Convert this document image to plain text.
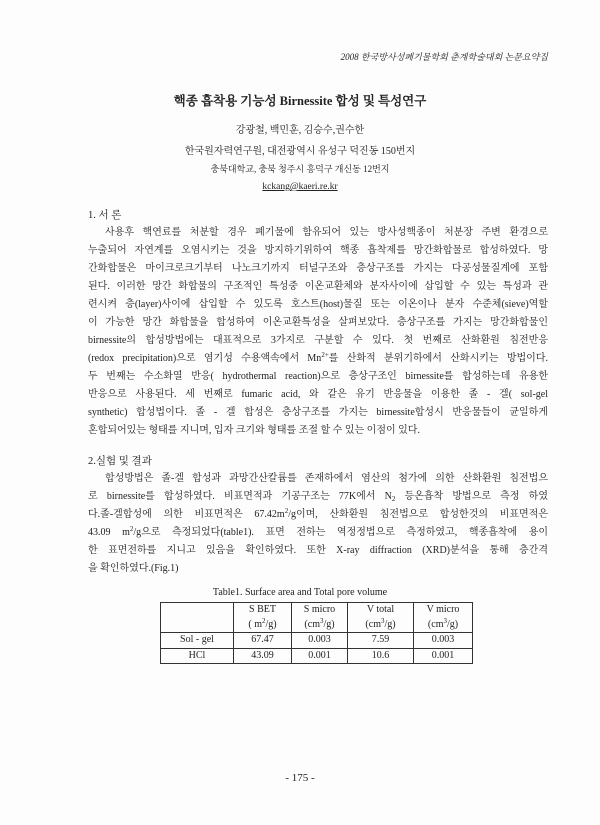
2008 한국방사성폐기물학회 춘계학술대회 논문요약집
핵종 흡착용 기능성 Birnessite 합성 및 특성연구
강광철, 백민훈, 김승수,권수한
한국원자력연구원, 대전광역시 유성구 덕진동 150번지
충북대학교, 충북 청주시 흥덕구 개신동 12번지
kckang@kaeri.re.kr
1. 서 론
사용후 핵연료를 처분할 경우 폐기물에 함유되어 있는 방사성핵종이 처분장 주변 환경으로
누출되어 자연계를 오염시키는 것을 방지하기위하여 핵종 흡착제를 망간화합물로 합성하였다. 망
간화합물은 마이크로크기부터 나노크기까지 터널구조와 층상구조를 가지는 다공성물질계에 포함
된다. 이러한 망간 화합물의 구조적인 특성중 이온교환체와 분자사이에 삽입할 수 있는 특성과 관
련시켜 층(layer)사이에 삽입할 수 있도록 호스트(host)물질 또는 이온이나 분자 수준체(sieve)역할
이 가능한 망간 화합물을 합성하여 이온교환특성을 살펴보았다. 층상구조를 가지는 망간화합물인
birnessite의 합성방법에는 대표적으로 3가지로 구분할 수 있다. 첫 번째로 산화환원 침전반응
(redox precipitation)으로 염기성 수용액속에서 $Mn^{2+}$를 산화적 분위기하에서 산화시키는 방법이다.
두 번째는 수소화열 반응( hydrothermal reaction)으로 층상구조인 birnessite를 합성하는데 유용한
반응으로 사용된다. 세 번째로 fumaric acid, 와 같은 유기 반응물을 이용한 졸 - 겔( sol-gel
synthetic) 합성법이다. 졸 - 겔 합성은 층상구조를 가지는 birnessite합성시 반응물들이 균일하게
혼합되어있는 형태를 지니며, 입자 크기와 형태를 조절 할 수 있는 이점이 있다.
2.실험 및 결과
합성방법은 졸-겔 합성과 과망간산칼륨를 존재하에서 염산의 첨가에 의한 산화환원 침전법으
로 birnessite를 합성하였다. 비표면적과 기공구조는 77K에서 $N_2$ 등온흡착 방법으로 측정 하였
다.졸-겔합성에 의한 비표면적은 $67.42m^2/g$이며, 산화환원 침전법으로 합성한것의 비표면적은
43.09 $m^2/g$으로 측정되었다(table1). 표면 전하는 역정정법으로 측정하였고, 핵종흡착에 용이
한 표면전하를 지니고 있음을 확인하였다. 또한 X-ray diffraction (XRD)분석을 통해 층간격
을 확인하였다.(Fig.1)
Table1. Surface area and Total pore volume
	S BET	S micro	V total	V micro
	( $m^2/g$)	$(cm^3/g)$	$(cm^3/g)$	$(cm^3/g)$
Sol - gel	67.47	0.003	7.59	0.003
HCl	43.09	0.001	10.6	0.001
- 175 -
